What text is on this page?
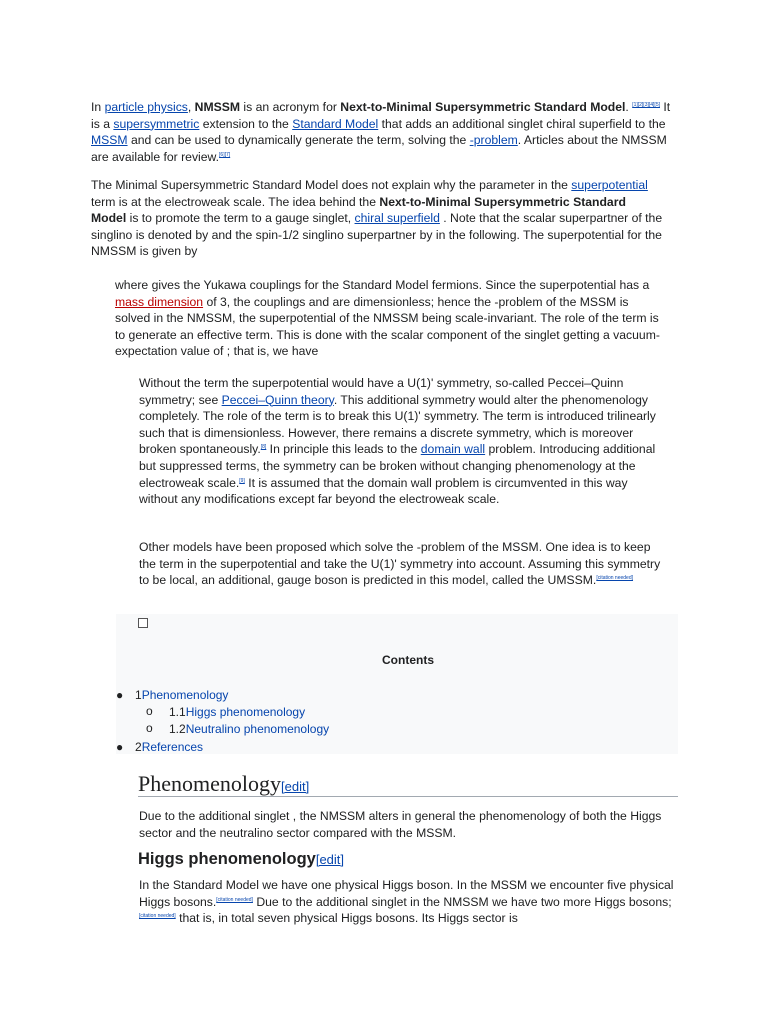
In particle physics, NMSSM is an acronym for Next-to-Minimal Supersymmetric Standard Model. [1][2][3][4][5] It is a supersymmetric extension to the Standard Model that adds an additional singlet chiral superfield to the MSSM and can be used to dynamically generate the term, solving the -problem. Articles about the NMSSM are available for review.[6][7]

The Minimal Supersymmetric Standard Model does not explain why the parameter in the superpotential term is at the electroweak scale. The idea behind the Next-to-Minimal Supersymmetric Standard Model is to promote the term to a gauge singlet, chiral superfield . Note that the scalar superpartner of the singlino is denoted by and the spin-1/2 singlino superpartner by in the following. The superpotential for the NMSSM is given by

where gives the Yukawa couplings for the Standard Model fermions. Since the superpotential has a mass dimension of 3, the couplings and are dimensionless; hence the -problem of the MSSM is solved in the NMSSM, the superpotential of the NMSSM being scale-invariant. The role of the term is to generate an effective term. This is done with the scalar component of the singlet getting a vacuum-expectation value of ; that is, we have

Without the term the superpotential would have a U(1)' symmetry, so-called Peccei–Quinn symmetry; see Peccei–Quinn theory. This additional symmetry would alter the phenomenology completely. The role of the term is to break this U(1)' symmetry. The term is introduced trilinearly such that is dimensionless. However, there remains a discrete symmetry, which is moreover broken spontaneously.[8] In principle this leads to the domain wall problem. Introducing additional but suppressed terms, the symmetry can be broken without changing phenomenology at the electroweak scale.[9] It is assumed that the domain wall problem is circumvented in this way without any modifications except far beyond the electroweak scale.

Other models have been proposed which solve the -problem of the MSSM. One idea is to keep the term in the superpotential and take the U(1)' symmetry into account. Assuming this symmetry to be local, an additional, gauge boson is predicted in this model, called the UMSSM.[citation needed]

Contents
● 1Phenomenology
o 1.1Higgs phenomenology
o 1.2Neutralino phenomenology
● 2References
Phenomenology[edit]

Due to the additional singlet , the NMSSM alters in general the phenomenology of both the Higgs sector and the neutralino sector compared with the MSSM.

Higgs phenomenology[edit]

In the Standard Model we have one physical Higgs boson. In the MSSM we encounter five physical Higgs bosons.[citation needed] Due to the additional singlet in the NMSSM we have two more Higgs bosons;[citation needed] that is, in total seven physical Higgs bosons. Its Higgs sector is
